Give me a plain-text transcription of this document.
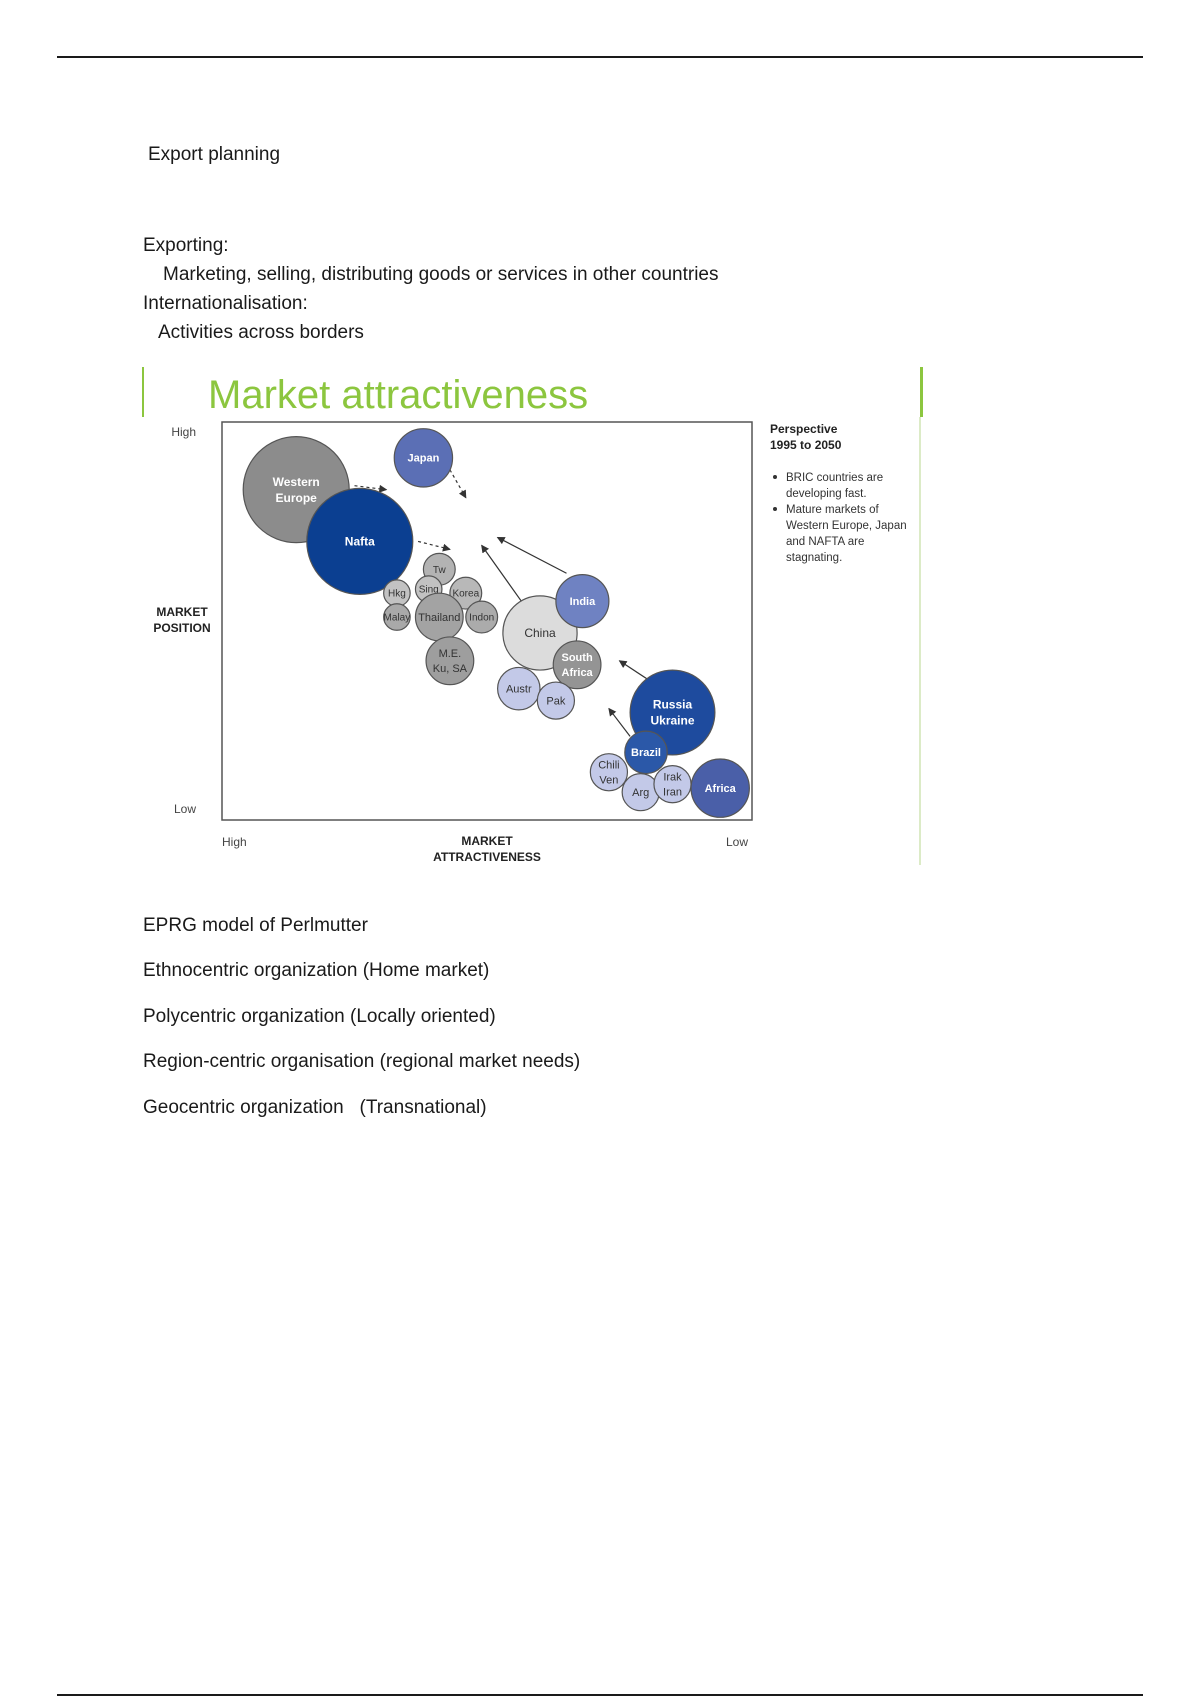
Export planning
Exporting:
Marketing, selling, distributing goods or services in other countries
Internationalisation:
Activities across borders
Market attractiveness
Western Europe
Japan
Nafta
Tw
Hkg Sing Korea
Malay Thailand Indon
M.E. Ku, SA
China
India
South Africa
Austr
Pak	Russia Ukraine
Brazil
Chili Ven
Arg
Irak Iran Africa
High
Low
High	Low
MARKET POSITION
MARKET ATTRACTIVENESS
Perspective 1995 to 2050
BRIC countries are developing fast.
Mature markets of Western Europe, Japan and NAFTA are stagnating.
EPRG model of Perlmutter
Ethnocentric organization (Home market)
Polycentric organization (Locally oriented)
Region-centric organisation (regional market needs)
Geocentric organization   (Transnational)
